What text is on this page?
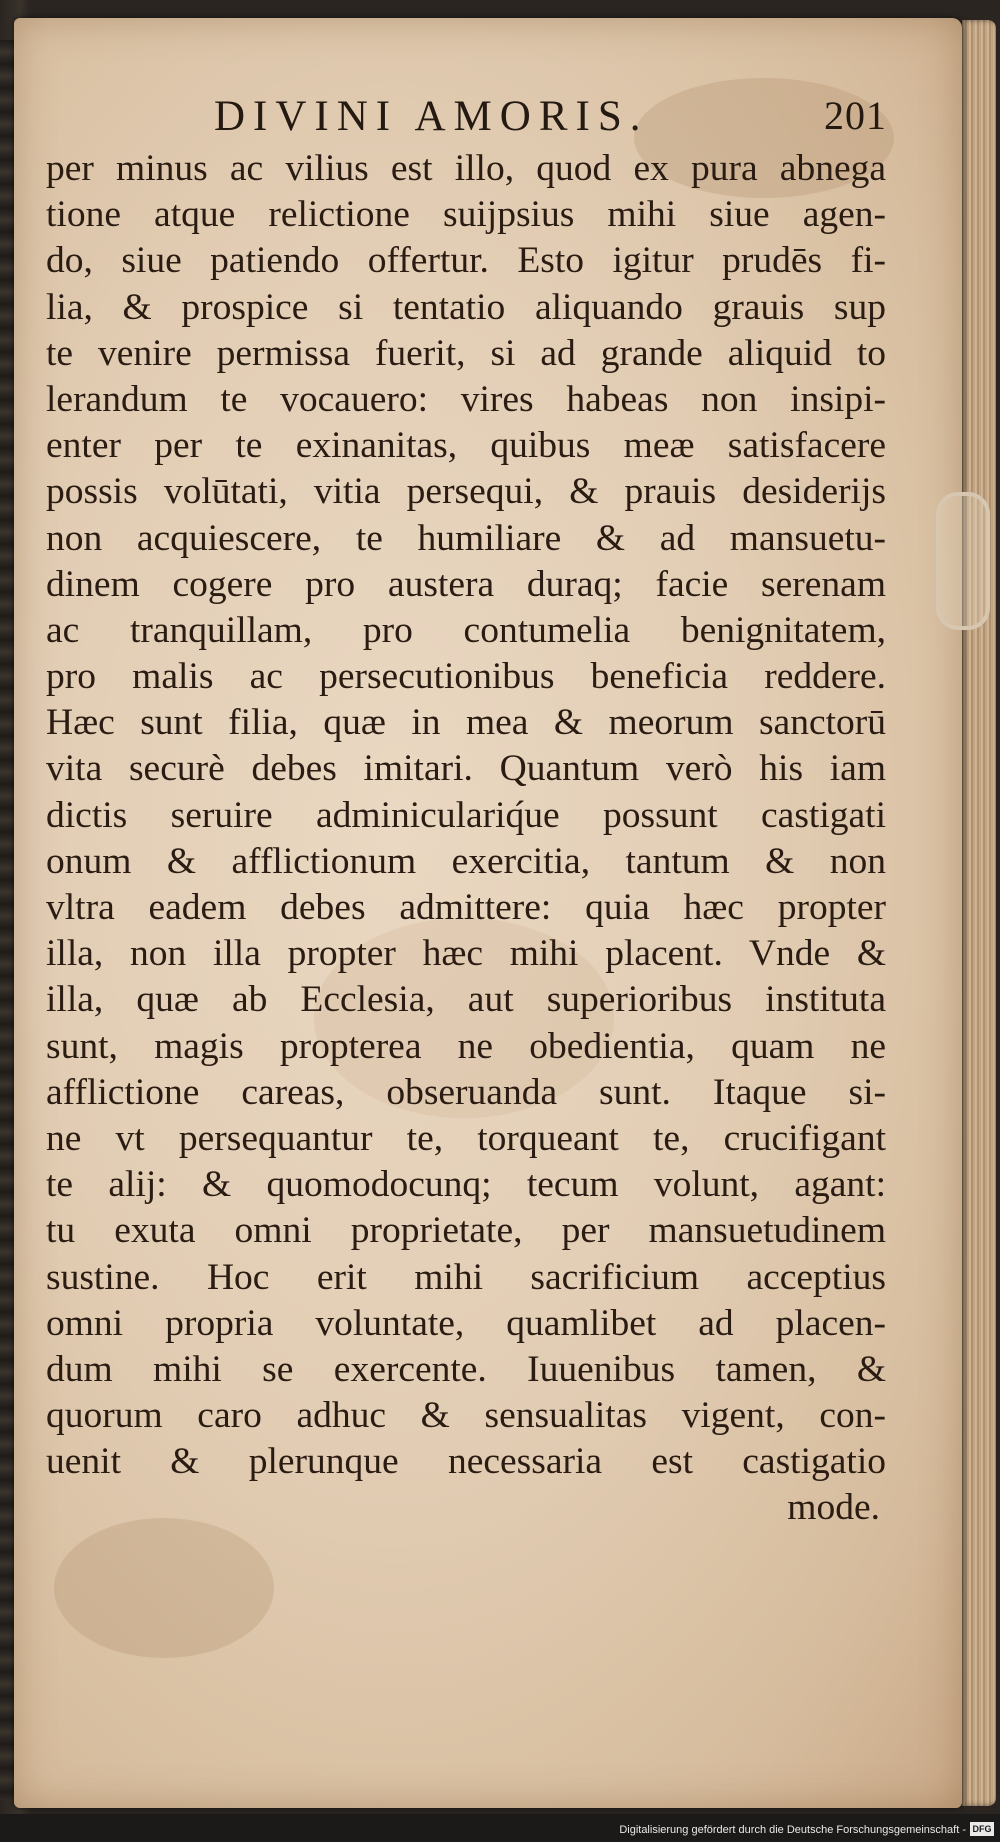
DIVINI AMORIS.	201
per minus ac vilius est illo, quod ex pura abnega
tione atque relictione suijpsius mihi siue agen-
do, siue patiendo offertur. Esto igitur prudēs fi-
lia, & prospice si tentatio aliquando grauis sup
te venire permissa fuerit, si ad grande aliquid to
lerandum te vocauero: vires habeas non insipi-
enter per te exinanitas, quibus meæ satisfacere
possis volūtati, vitia persequi, & prauis desiderijs
non acquiescere, te humiliare & ad mansuetu-
dinem cogere pro austera duraq; facie serenam
ac tranquillam, pro contumelia benignitatem,
pro malis ac persecutionibus beneficia reddere.
Hæc sunt filia, quæ in mea & meorum sanctorū
vita securè debes imitari. Quantum verò his iam
dictis seruire adminiculariq́ue possunt castigati
onum & afflictionum exercitia, tantum & non
vltra eadem debes admittere: quia hæc propter
illa, non illa propter hæc mihi placent. Vnde &
illa, quæ ab Ecclesia, aut superioribus instituta
sunt, magis propterea ne obedientia, quam ne
afflictione careas, obseruanda sunt. Itaque si-
ne vt persequantur te, torqueant te, crucifigant
te alij: & quomodocunq; tecum volunt, agant:
tu exuta omni proprietate, per mansuetudinem
sustine. Hoc erit mihi sacrificium acceptius
omni propria voluntate, quamlibet ad placen-
dum mihi se exercente. Iuuenibus tamen, &
quorum caro adhuc & sensualitas vigent, con-
uenit & plerunque necessaria est castigatio
mode.
Digitalisierung gefördert durch die Deutsche Forschungsgemeinschaft - DFG
